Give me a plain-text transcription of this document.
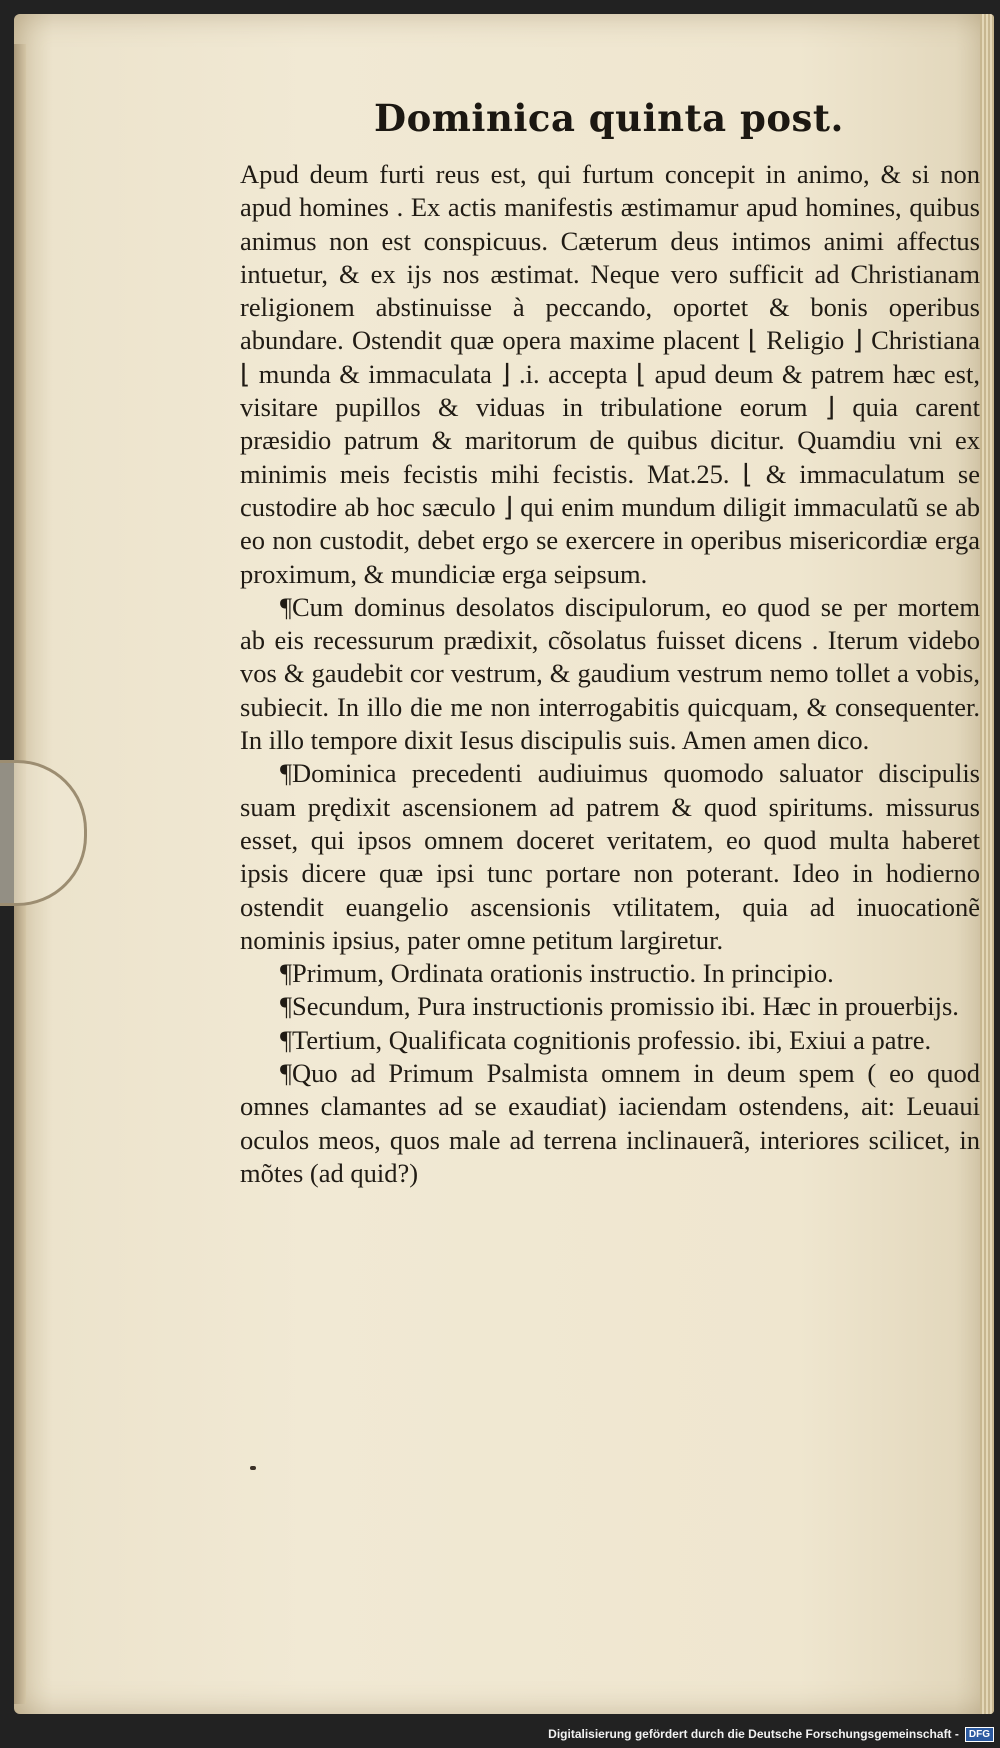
Dominica quinta post.

Apud deum furti reus est, qui furtum concepit in animo, & si non apud homines . Ex actis manifestis æstimamur apud homines, quibus animus non est conspicuus. Cæterum deus intimos animi affectus intuetur, & ex ijs nos æstimat. Neque vero sufficit ad Christianam religionem abstinuisse à peccando, oportet & bonis operibus abundare. Ostendit quæ opera maxime placent ⌊ Religio ⌋ Christiana ⌊ munda & immaculata ⌋ .i. accepta ⌊ apud deum & patrem hæc est, visitare pupillos & viduas in tribulatione eorum ⌋ quia carent præsidio patrum & maritorum de quibus dicitur. Quamdiu vni ex minimis meis fecistis mihi fecistis. Mat.25. ⌊ & immaculatum se custodire ab hoc sæculo ⌋ qui enim mundum diligit immaculatũ se ab eo non custodit, debet ergo se exercere in operibus misericordiæ erga proximum, & mundiciæ erga seipsum.

¶Cum dominus desolatos discipulorum, eo quod se per mortem ab eis recessurum prædixit, cõsolatus fuisset dicens . Iterum videbo vos & gaudebit cor vestrum, & gaudium vestrum nemo tollet a vobis, subiecit. In illo die me non interrogabitis quicquam, & consequenter. In illo tempore dixit Iesus discipulis suis. Amen amen dico.

¶Dominica precedenti audiuimus quomodo saluator discipulis suam prędixit ascensionem ad patrem & quod spiritums. missurus esset, qui ipsos omnem doceret veritatem, eo quod multa haberet ipsis dicere quæ ipsi tunc portare non poterant. Ideo in hodierno ostendit euangelio ascensionis vtilitatem, quia ad inuocationẽ nominis ipsius, pater omne petitum largiretur.

¶Primum, Ordinata orationis instructio. In principio.

¶Secundum, Pura instructionis promissio ibi. Hæc in prouerbijs.

¶Tertium, Qualificata cognitionis professio. ibi, Exiui a patre.

¶Quo ad Primum Psalmista omnem in deum spem ( eo quod omnes clamantes ad se exaudiat) iaciendam ostendens, ait: Leuaui oculos meos, quos male ad terrena inclinauerã, interiores scilicet, in mõtes (ad quid?)

Digitalisierung gefördert durch die Deutsche Forschungsgemeinschaft -	DFG
